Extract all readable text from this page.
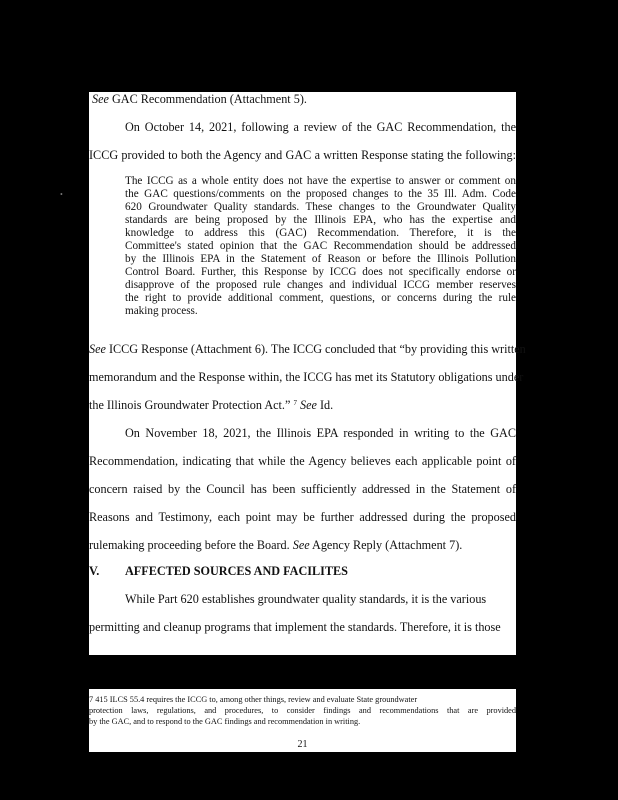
•
See GAC Recommendation (Attachment 5).
On October 14, 2021, following a review of the GAC Recommendation, the
ICCG provided to both the Agency and GAC a written Response stating the following:
The ICCG as a whole entity does not have the expertise to answer or comment on
the GAC questions/comments on the proposed changes to the 35 Ill. Adm. Code
620 Groundwater Quality standards. These changes to the Groundwater Quality
standards are being proposed by the Illinois EPA, who has the expertise and
knowledge to address this (GAC) Recommendation. Therefore, it is the
Committee's stated opinion that the GAC Recommendation should be addressed
by the Illinois EPA in the Statement of Reason or before the Illinois Pollution
Control Board. Further, this Response by ICCG does not specifically endorse or
disapprove of the proposed rule changes and individual ICCG member reserves
the right to provide additional comment, questions, or concerns during the rule
making process.
See ICCG Response (Attachment 6). The ICCG concluded that “by providing this written
memorandum and the Response within, the ICCG has met its Statutory obligations under
the Illinois Groundwater Protection Act.” $^7$ See Id.
On November 18, 2021, the Illinois EPA responded in writing to the GAC
Recommendation, indicating that while the Agency believes each applicable point of
concern raised by the Council has been sufficiently addressed in the Statement of
Reasons and Testimony, each point may be further addressed during the proposed
rulemaking proceeding before the Board. See Agency Reply (Attachment 7).
V. AFFECTED SOURCES AND FACILITES
While Part 620 establishes groundwater quality standards, it is the various
permitting and cleanup programs that implement the standards. Therefore, it is those
7 415 ILCS 55.4 requires the ICCG to, among other things, review and evaluate State groundwater
protection laws, regulations, and procedures, to consider findings and recommendations that are provided
by the GAC, and to respond to the GAC findings and recommendation in writing.
21
